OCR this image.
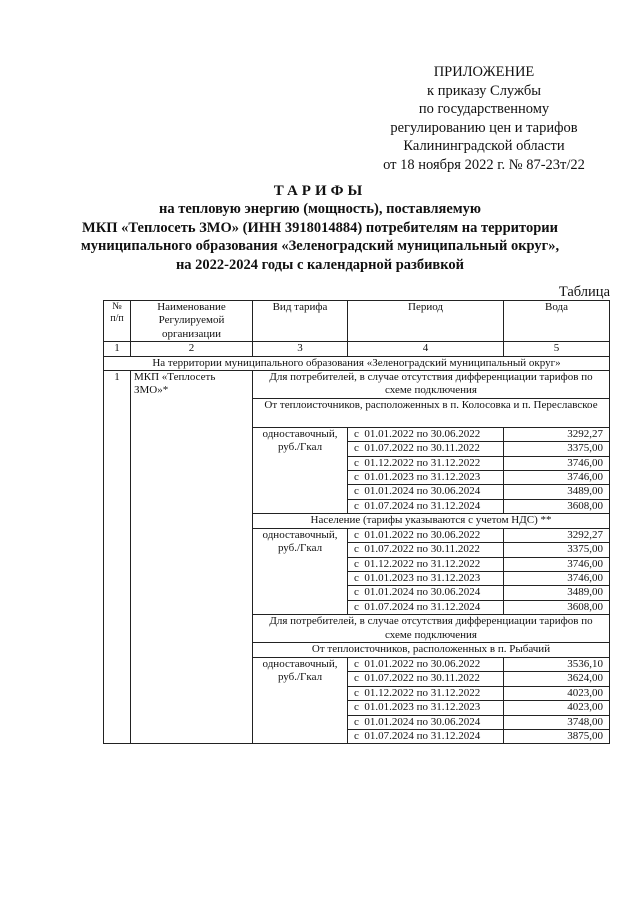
ПРИЛОЖЕНИЕ
к приказу Службы
по государственному
регулированию цен и тарифов
Калининградской области
от 18 ноября 2022 г. № 87-23т/22
ТАРИФЫ
на тепловую энергию (мощность), поставляемую
МКП «Теплосеть ЗМО» (ИНН 3918014884) потребителям на территории
муниципального образования «Зеленоградский муниципальный округ»,
на 2022-2024 годы с календарной разбивкой
Таблица
№ п/п	Наименование Регулируемой организации	Вид тарифа	Период	Вода
1	2	3	4	5
На территории муниципального образования «Зеленоградский муниципальный округ»				
1	МКП «Теплосеть ЗМО»*	Для потребителей, в случае отсутствия дифференциации тарифов по схеме подключения		
		От теплоисточников, расположенных в п. Колосовка и п. Переславское		
		одноставочный, руб./Гкал	с 01.01.2022 по 30.06.2022	3292,27
			с 01.07.2022 по 30.11.2022	3375,00
			с 01.12.2022 по 31.12.2022	3746,00
			с 01.01.2023 по 31.12.2023	3746,00
			с 01.01.2024 по 30.06.2024	3489,00
			с 01.07.2024 по 31.12.2024	3608,00
		Население (тарифы указываются с учетом НДС) **		
		одноставочный, руб./Гкал	с 01.01.2022 по 30.06.2022	3292,27
			с 01.07.2022 по 30.11.2022	3375,00
			с 01.12.2022 по 31.12.2022	3746,00
			с 01.01.2023 по 31.12.2023	3746,00
			с 01.01.2024 по 30.06.2024	3489,00
			с 01.07.2024 по 31.12.2024	3608,00
		Для потребителей, в случае отсутствия дифференциации тарифов по схеме подключения		
		От теплоисточников, расположенных в п. Рыбачий		
		одноставочный, руб./Гкал	с 01.01.2022 по 30.06.2022	3536,10
			с 01.07.2022 по 30.11.2022	3624,00
			с 01.12.2022 по 31.12.2022	4023,00
			с 01.01.2023 по 31.12.2023	4023,00
			с 01.01.2024 по 30.06.2024	3748,00
			с 01.07.2024 по 31.12.2024	3875,00
